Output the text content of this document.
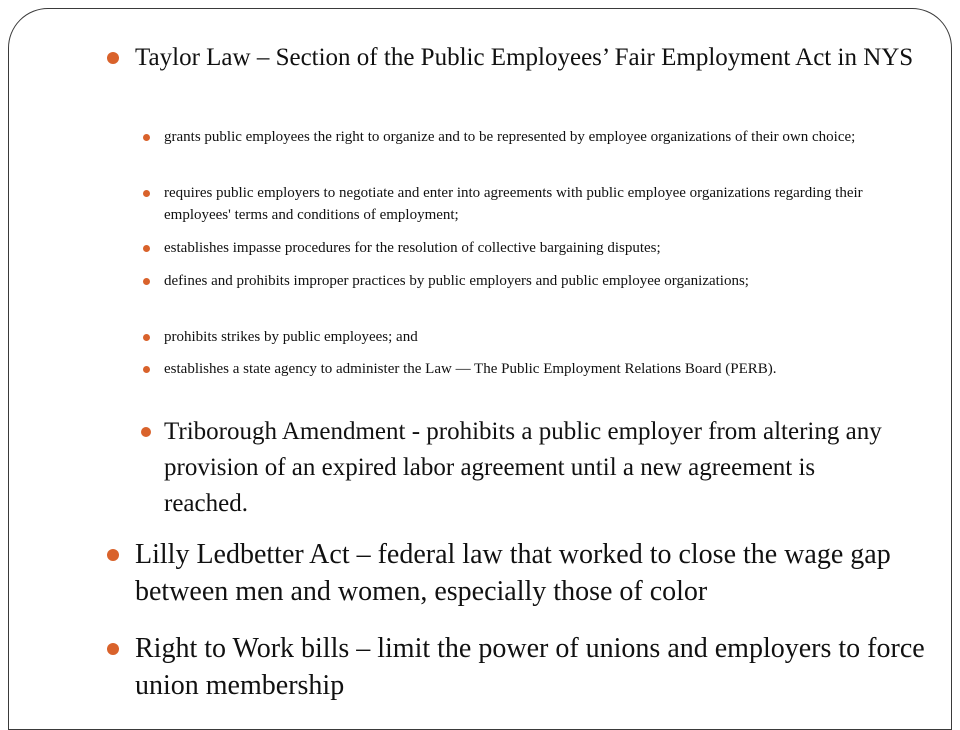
Taylor Law – Section of the Public Employees’ Fair Employment Act in NYS
grants public employees the right to organize and to be represented by employee organizations of their own choice;
requires public employers to negotiate and enter into agreements with public employee organizations regarding their employees' terms and conditions of employment;
establishes impasse procedures for the resolution of collective bargaining disputes;
defines and prohibits improper practices by public employers and public employee organizations;
prohibits strikes by public employees; and
establishes a state agency to administer the Law — The Public Employment Relations Board (PERB).
Triborough Amendment - prohibits a public employer from altering any provision of an expired labor agreement until a new agreement is reached.
Lilly Ledbetter Act – federal law that worked to close the wage gap between men and women, especially those of color
Right to Work bills – limit the power of unions and employers to force union membership
